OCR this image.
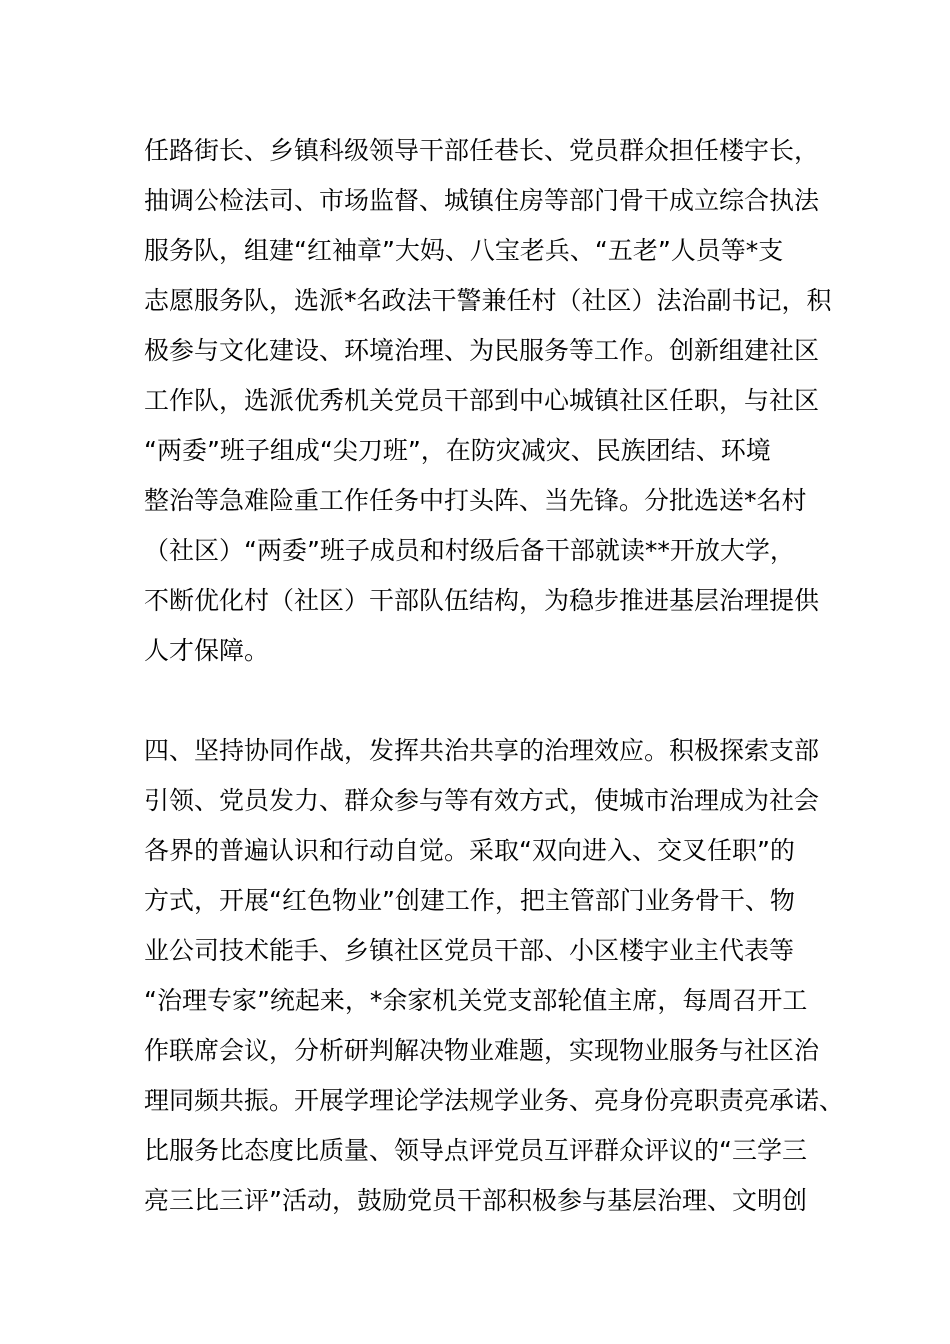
任路街长、乡镇科级领导干部任巷长、党员群众担任楼宇长，
抽调公检法司、市场监督、城镇住房等部门骨干成立综合执法
服务队，组建“红袖章”大妈、八宝老兵、“五老”人员等*支
志愿服务队，选派*名政法干警兼任村（社区）法治副书记，积
极参与文化建设、环境治理、为民服务等工作。创新组建社区
工作队，选派优秀机关党员干部到中心城镇社区任职，与社区
“两委”班子组成“尖刀班”，在防灾减灾、民族团结、环境
整治等急难险重工作任务中打头阵、当先锋。分批选送*名村
（社区）“两委”班子成员和村级后备干部就读**开放大学，
不断优化村（社区）干部队伍结构，为稳步推进基层治理提供
人才保障。
四、坚持协同作战，发挥共治共享的治理效应。积极探索支部
引领、党员发力、群众参与等有效方式，使城市治理成为社会
各界的普遍认识和行动自觉。采取“双向进入、交叉任职”的
方式，开展“红色物业”创建工作，把主管部门业务骨干、物
业公司技术能手、乡镇社区党员干部、小区楼宇业主代表等
“治理专家”统起来，*余家机关党支部轮值主席，每周召开工
作联席会议，分析研判解决物业难题，实现物业服务与社区治
理同频共振。开展学理论学法规学业务、亮身份亮职责亮承诺、
比服务比态度比质量、领导点评党员互评群众评议的“三学三
亮三比三评”活动，鼓励党员干部积极参与基层治理、文明创
